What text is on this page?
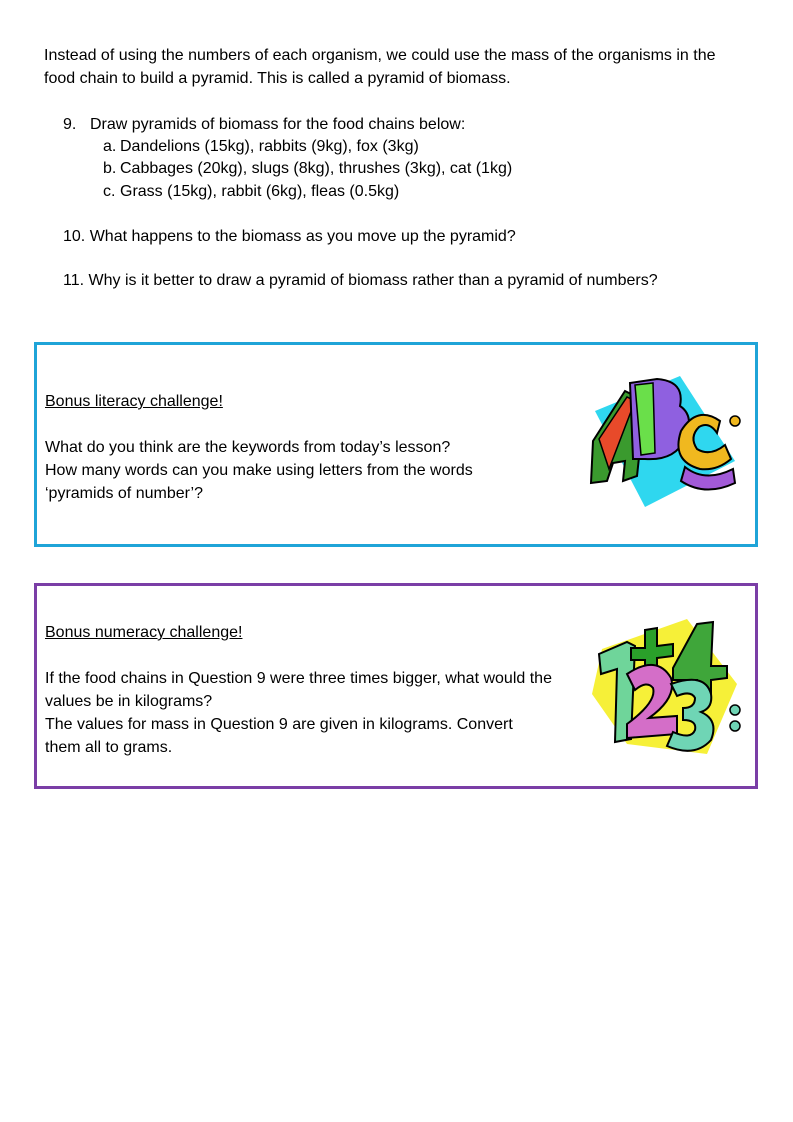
Instead of using the numbers of each organism, we could use the mass of the organisms in the food chain to build a pyramid. This is called a pyramid of biomass.
9. Draw pyramids of biomass for the food chains below:
a. Dandelions (15kg), rabbits (9kg), fox (3kg)
b. Cabbages (20kg), slugs (8kg), thrushes (3kg), cat (1kg)
c. Grass (15kg), rabbit (6kg), fleas (0.5kg)
10. What happens to the biomass as you move up the pyramid?
11. Why is it better to draw a pyramid of biomass rather than a pyramid of numbers?
Bonus literacy challenge!
What do you think are the keywords from today’s lesson?
How many words can you make using letters from the words ‘pyramids of number’?
Bonus numeracy challenge!
If the food chains in Question 9 were three times bigger, what would the values be in kilograms?
The values for mass in Question 9 are given in kilograms. Convert them all to grams.
